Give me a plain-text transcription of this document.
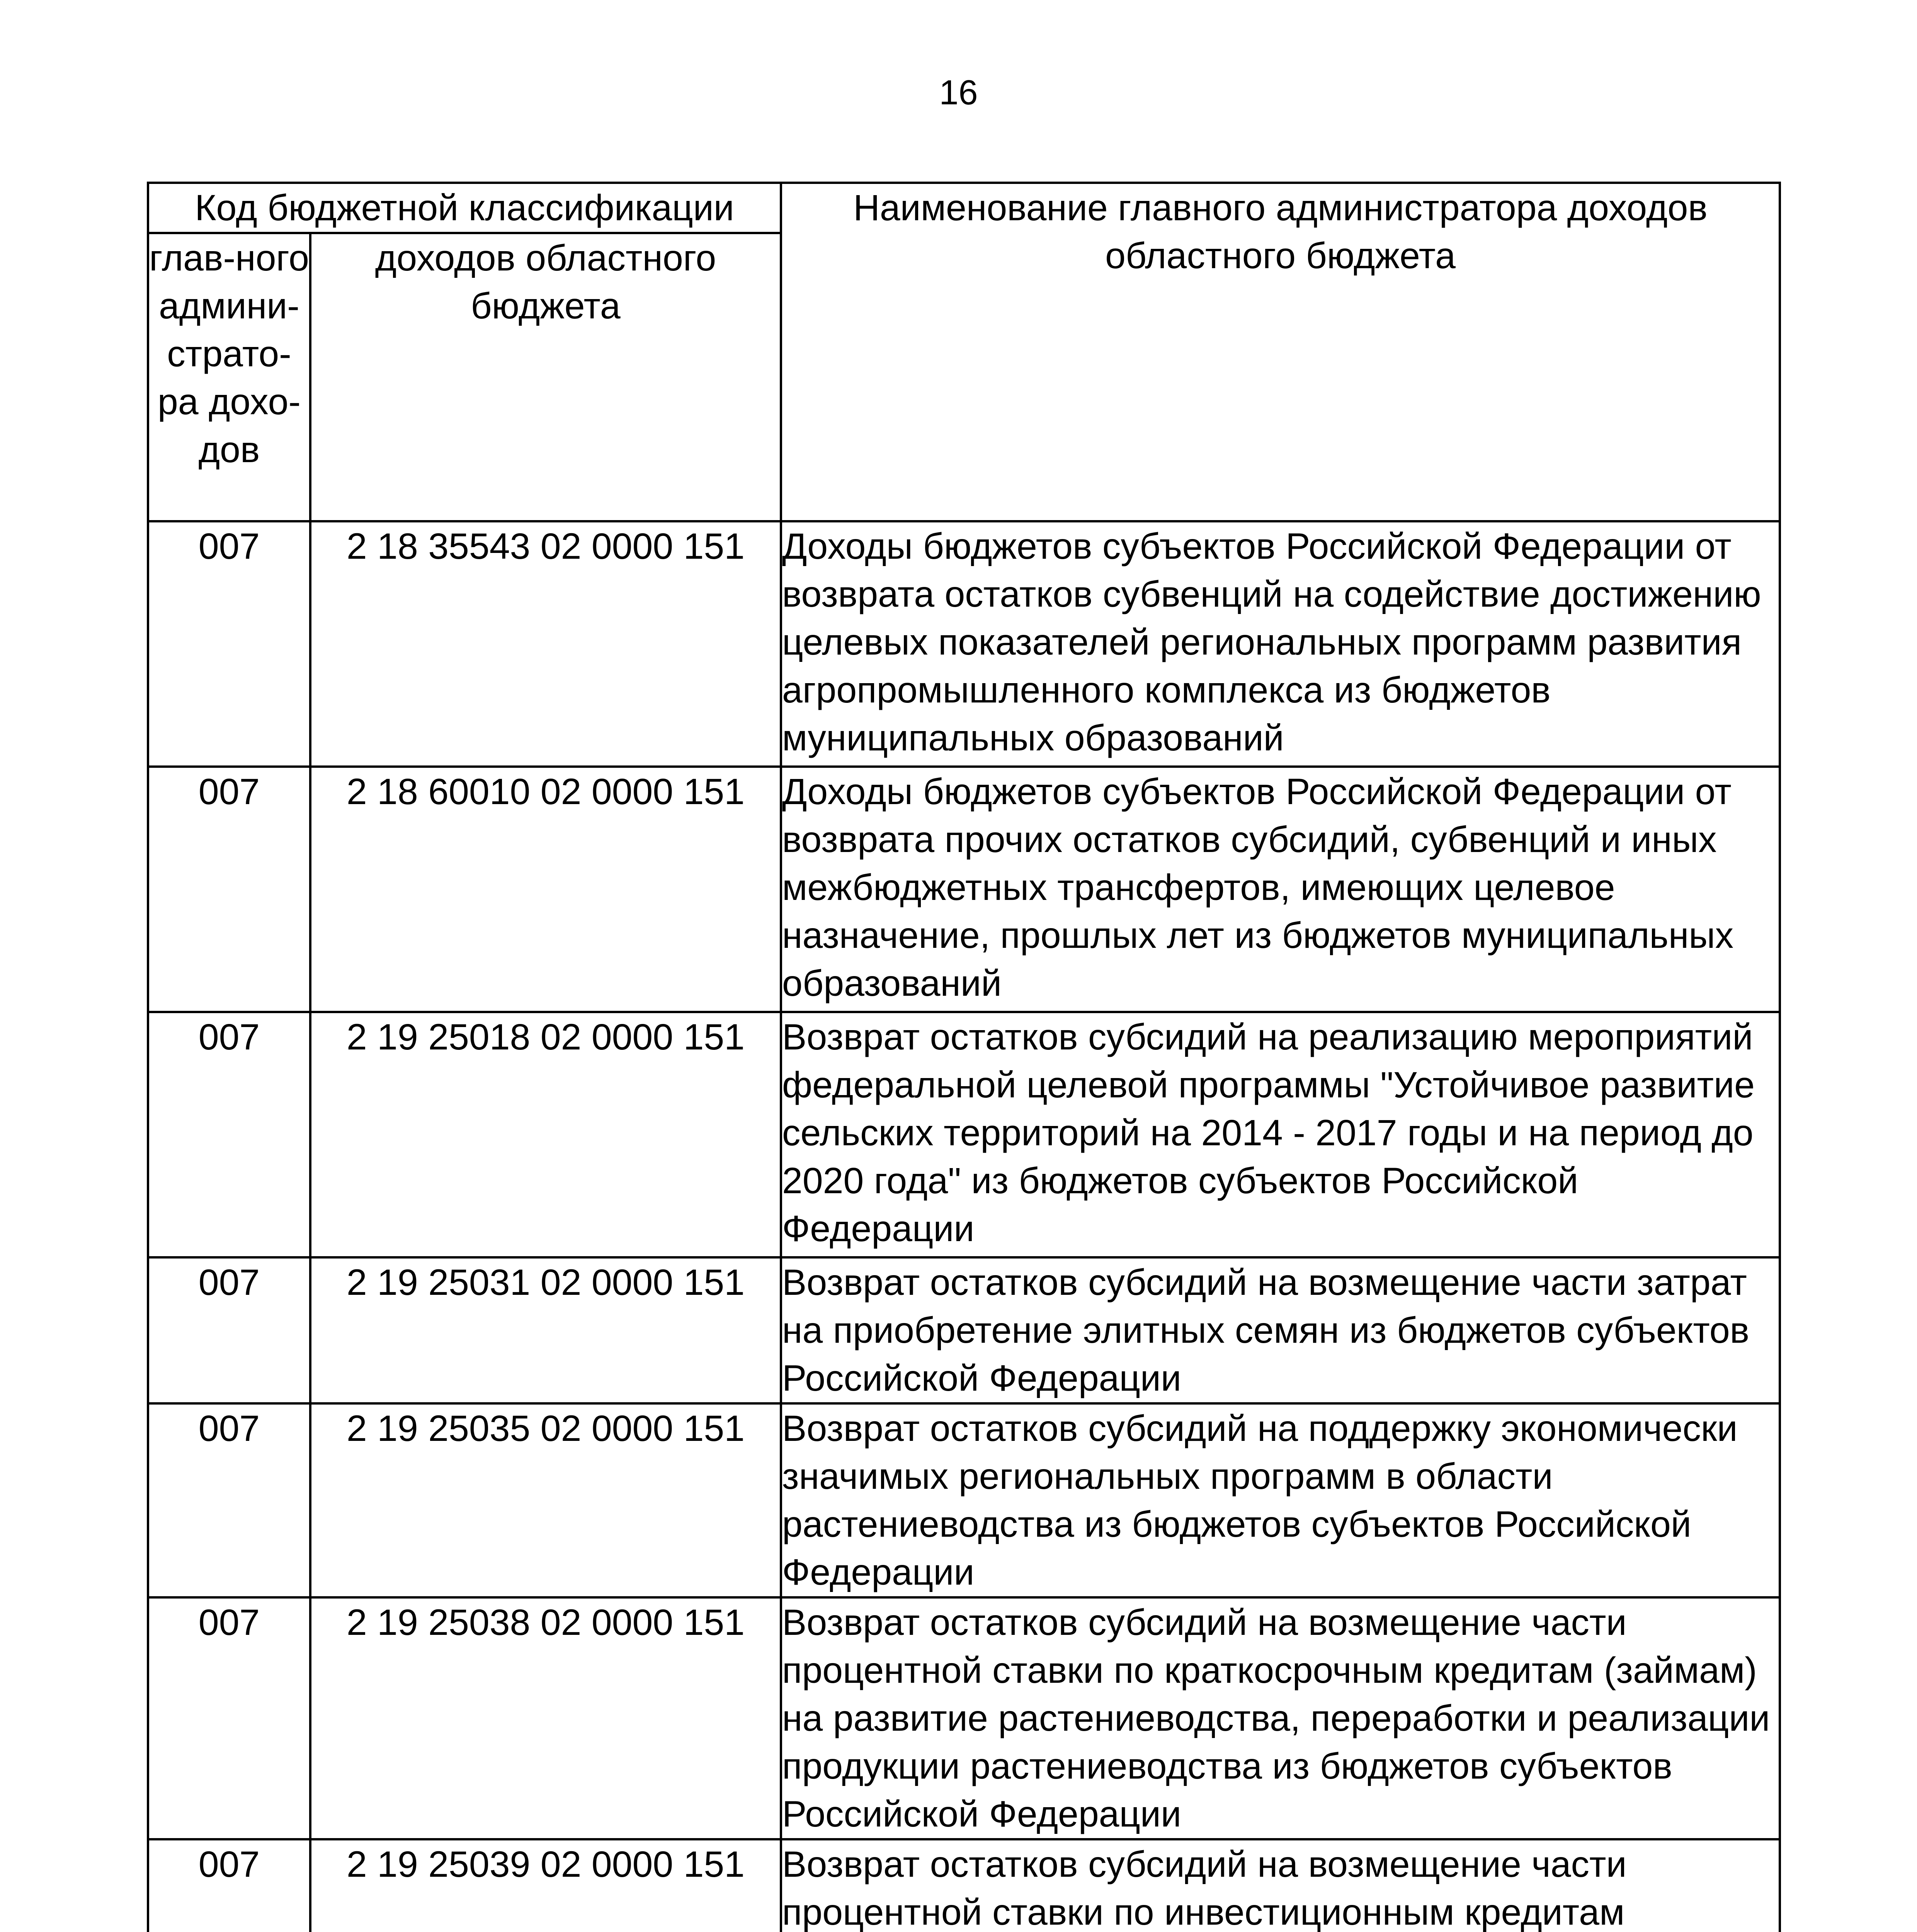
16
Код бюджетной классификации		Наименование главного администратора доходов областного бюджета
глав-ного админи-страто-ра дохо-дов	доходов областного бюджета	
007	2 18 35543 02 0000 151	Доходы бюджетов субъектов Российской Федерации от возврата остатков субвенций на содействие достижению целевых показателей региональных программ развития агропромышленного комплекса из бюджетов муниципальных образований
007	2 18 60010 02 0000 151	Доходы бюджетов субъектов Российской Федерации от возврата прочих остатков субсидий, субвенций и иных межбюджетных трансфертов, имеющих целевое назначение, прошлых лет из бюджетов муниципальных образований
007	2 19 25018 02 0000 151	Возврат остатков субсидий на реализацию мероприятий федеральной целевой программы "Устойчивое развитие сельских территорий на 2014 - 2017 годы и на период до 2020 года" из бюджетов субъектов Российской Федерации
007	2 19 25031 02 0000 151	Возврат остатков субсидий на возмещение части затрат на приобретение элитных семян из бюджетов субъектов Российской Федерации
007	2 19 25035 02 0000 151	Возврат остатков субсидий на поддержку экономически значимых региональных программ в области растениеводства из бюджетов субъектов Российской Федерации
007	2 19 25038 02 0000 151	Возврат остатков субсидий на возмещение части процентной ставки по краткосрочным кредитам (займам) на развитие растениеводства, переработки и реализации продукции растениеводства из бюджетов субъектов Российской Федерации
007	2 19 25039 02 0000 151	Возврат остатков субсидий на возмещение части процентной ставки по инвестиционным кредитам
